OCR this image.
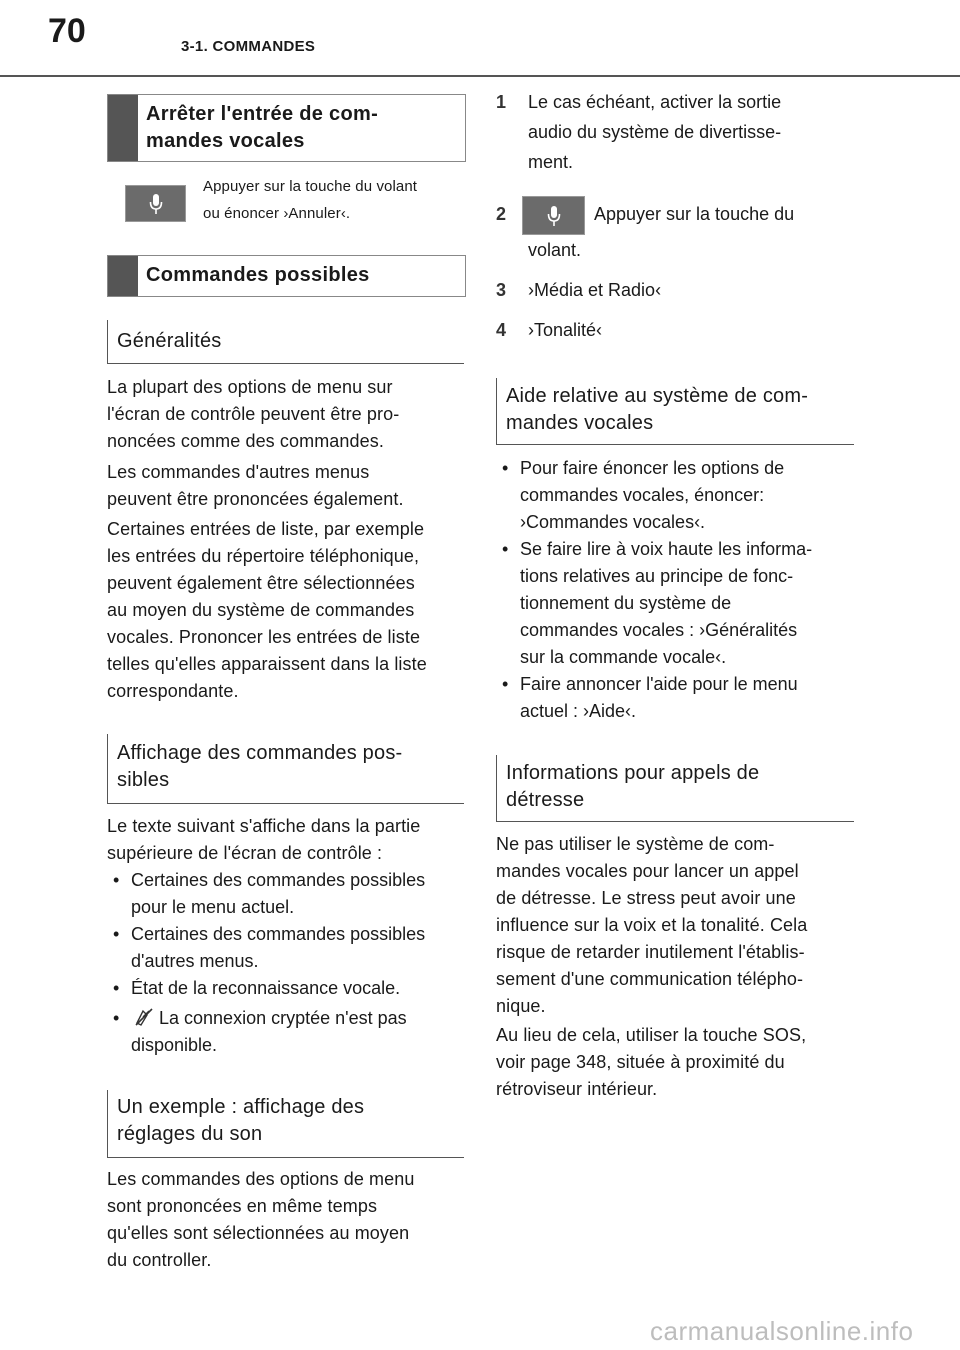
70	3-1. COMMANDES
Arrêter l'entrée de com-
mandes vocales
Appuyer sur la touche du volant
ou énoncer ›Annuler‹.
Commandes possibles
Généralités
La plupart des options de menu sur
l'écran de contrôle peuvent être pro-
noncées comme des commandes.
Les commandes d'autres menus
peuvent être prononcées également.
Certaines entrées de liste, par exemple
les entrées du répertoire téléphonique,
peuvent également être sélectionnées
au moyen du système de commandes
vocales. Prononcer les entrées de liste
telles qu'elles apparaissent dans la liste
correspondante.
Affichage des commandes pos-
sibles
Le texte suivant s'affiche dans la partie
supérieure de l'écran de contrôle :
• Certaines des commandes possibles
pour le menu actuel.
• Certaines des commandes possibles
d'autres menus.
• État de la reconnaissance vocale.
•	La connexion cryptée n'est pas
disponible.
Un exemple : affichage des
réglages du son
Les commandes des options de menu
sont prononcées en même temps
qu'elles sont sélectionnées au moyen
du controller.
1 Le cas échéant, activer la sortie
audio du système de divertisse-
ment.
2	Appuyer sur la touche du
volant.
3 ›Média et Radio‹
4 ›Tonalité‹
Aide relative au système de com-
mandes vocales
• Pour faire énoncer les options de
commandes vocales, énoncer:
›Commandes vocales‹.
• Se faire lire à voix haute les informa-
tions relatives au principe de fonc-
tionnement du système de
commandes vocales : ›Généralités
sur la commande vocale‹.
• Faire annoncer l'aide pour le menu
actuel : ›Aide‹.
Informations pour appels de
détresse
Ne pas utiliser le système de com-
mandes vocales pour lancer un appel
de détresse. Le stress peut avoir une
influence sur la voix et la tonalité. Cela
risque de retarder inutilement l'établis-
sement d'une communication télépho-
nique.
Au lieu de cela, utiliser la touche SOS,
voir page 348, située à proximité du
rétroviseur intérieur.
carmanualsonline.info
